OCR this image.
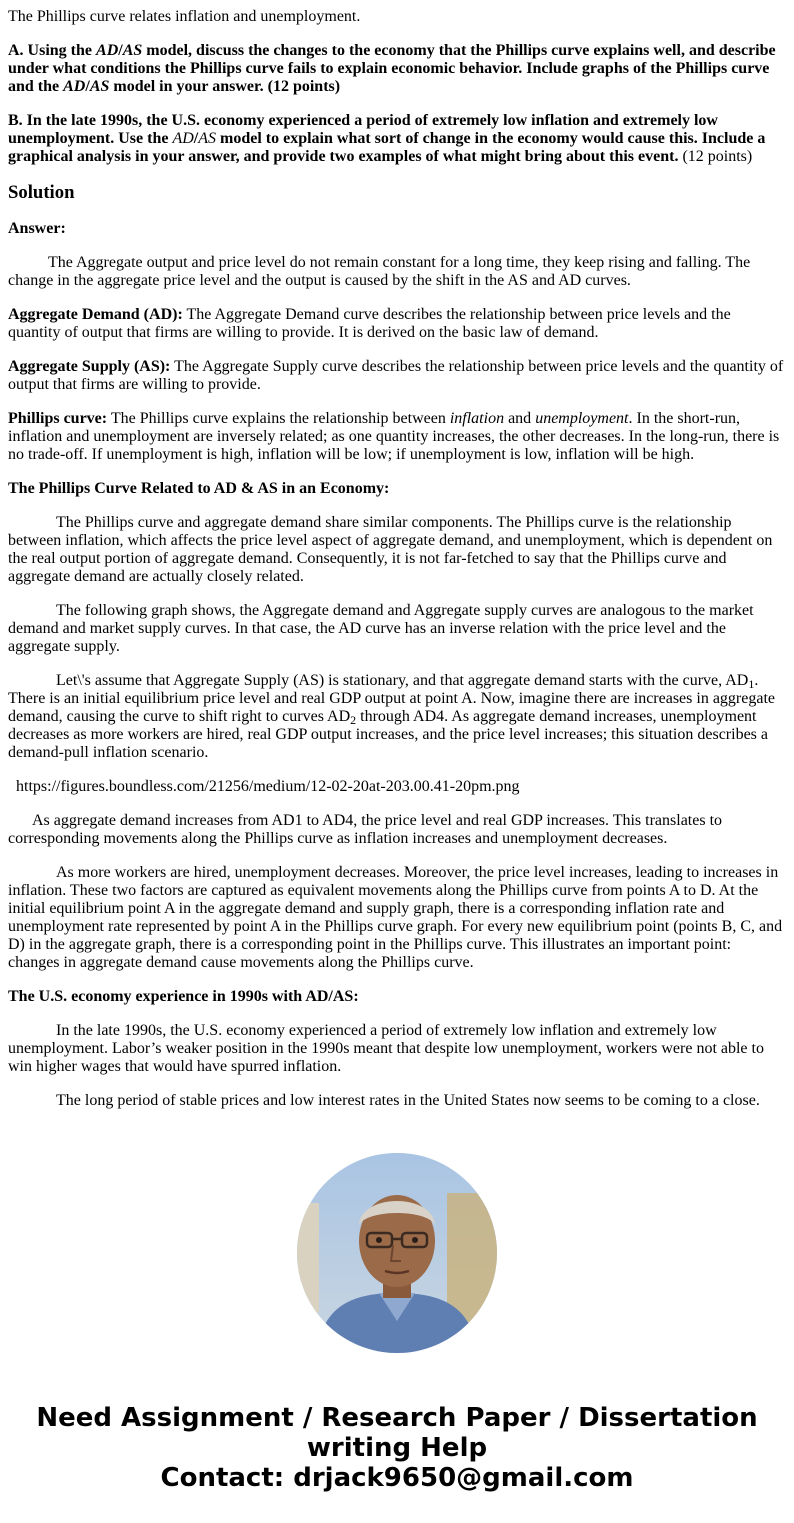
The Phillips curve relates inflation and unemployment.

A. Using the AD/AS model, discuss the changes to the economy that the Phillips curve explains well, and describe under what conditions the Phillips curve fails to explain economic behavior. Include graphs of the Phillips curve and the AD/AS model in your answer. (12 points)

B. In the late 1990s, the U.S. economy experienced a period of extremely low inflation and extremely low unemployment. Use the AD/AS model to explain what sort of change in the economy would cause this. Include a graphical analysis in your answer, and provide two examples of what might bring about this event. (12 points)

Solution

Answer:

The Aggregate output and price level do not remain constant for a long time, they keep rising and falling. The change in the aggregate price level and the output is caused by the shift in the AS and AD curves.

Aggregate Demand (AD): The Aggregate Demand curve describes the relationship between price levels and the quantity of output that firms are willing to provide. It is derived on the basic law of demand.

Aggregate Supply (AS): The Aggregate Supply curve describes the relationship between price levels and the quantity of output that firms are willing to provide.

Phillips curve: The Phillips curve explains the relationship between inflation and unemployment. In the short-run, inflation and unemployment are inversely related; as one quantity increases, the other decreases. In the long-run, there is no trade-off. If unemployment is high, inflation will be low; if unemployment is low, inflation will be high.

The Phillips Curve Related to AD & AS in an Economy:

The Phillips curve and aggregate demand share similar components. The Phillips curve is the relationship between inflation, which affects the price level aspect of aggregate demand, and unemployment, which is dependent on the real output portion of aggregate demand. Consequently, it is not far-fetched to say that the Phillips curve and aggregate demand are actually closely related.

The following graph shows, the Aggregate demand and Aggregate supply curves are analogous to the market demand and market supply curves. In that case, the AD curve has an inverse relation with the price level and the aggregate supply.

Let\'s assume that Aggregate Supply (AS) is stationary, and that aggregate demand starts with the curve, $AD_1$. There is an initial equilibrium price level and real GDP output at point A. Now, imagine there are increases in aggregate demand, causing the curve to shift right to curves $AD_2$ through AD4. As aggregate demand increases, unemployment decreases as more workers are hired, real GDP output increases, and the price level increases; this situation describes a demand-pull inflation scenario.

https://figures.boundless.com/21256/medium/12-02-20at-203.00.41-20pm.png

As aggregate demand increases from AD1 to AD4, the price level and real GDP increases. This translates to corresponding movements along the Phillips curve as inflation increases and unemployment decreases.

As more workers are hired, unemployment decreases. Moreover, the price level increases, leading to increases in inflation. These two factors are captured as equivalent movements along the Phillips curve from points A to D. At the initial equilibrium point A in the aggregate demand and supply graph, there is a corresponding inflation rate and unemployment rate represented by point A in the Phillips curve graph. For every new equilibrium point (points B, C, and D) in the aggregate graph, there is a corresponding point in the Phillips curve. This illustrates an important point: changes in aggregate demand cause movements along the Phillips curve.

The U.S. economy experience in 1990s with AD/AS:

In the late 1990s, the U.S. economy experienced a period of extremely low inflation and extremely low unemployment. Labor’s weaker position in the 1990s meant that despite low unemployment, workers were not able to win higher wages that would have spurred inflation.

The long period of stable prices and low interest rates in the United States now seems to be coming to a close.

Need Assignment / Research Paper / Dissertation
writing Help
Contact: drjack9650@gmail.com
